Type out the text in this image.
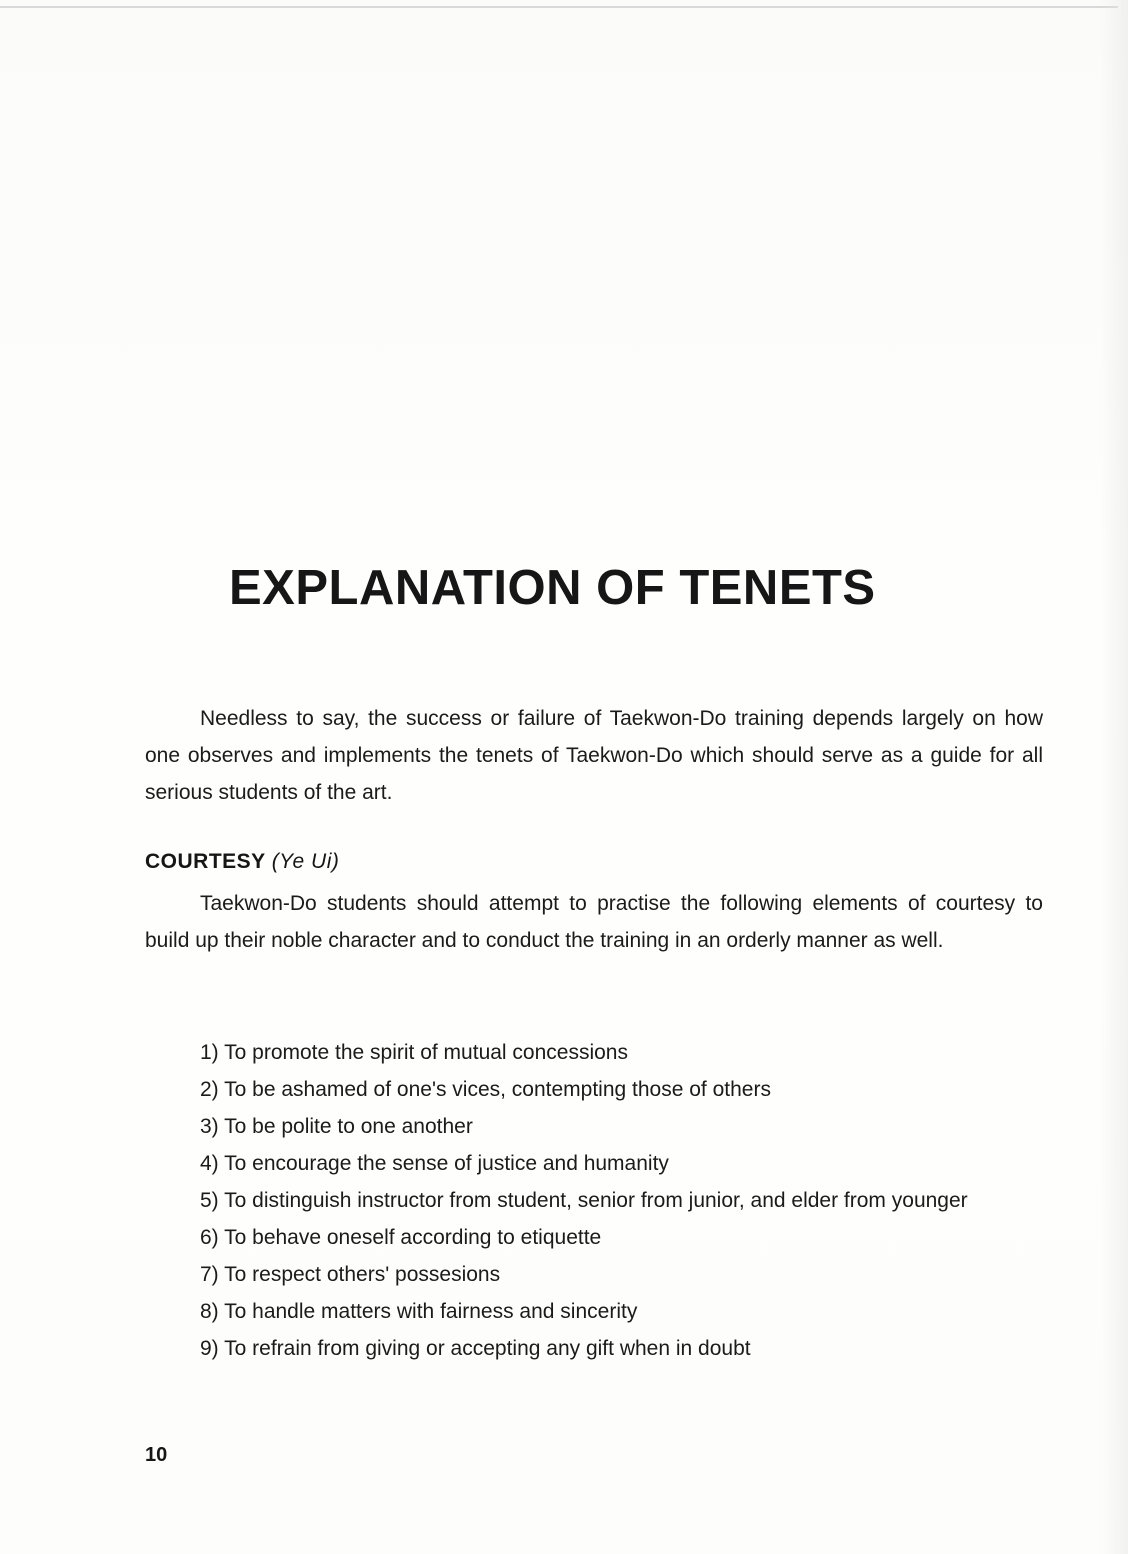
EXPLANATION OF TENETS

Needless to say, the success or failure of Taekwon-Do training depends largely on how one observes and implements the tenets of Taekwon-Do which should serve as a guide for all serious students of the art.

COURTESY (Ye Ui)

Taekwon-Do students should attempt to practise the following elements of courtesy to build up their noble character and to conduct the training in an orderly manner as well.

1) To promote the spirit of mutual concessions
2) To be ashamed of one's vices, contempting those of others
3) To be polite to one another
4) To encourage the sense of justice and humanity
5) To distinguish instructor from student, senior from junior, and elder from younger
6) To behave oneself according to etiquette
7) To respect others' possesions
8) To handle matters with fairness and sincerity
9) To refrain from giving or accepting any gift when in doubt
10
